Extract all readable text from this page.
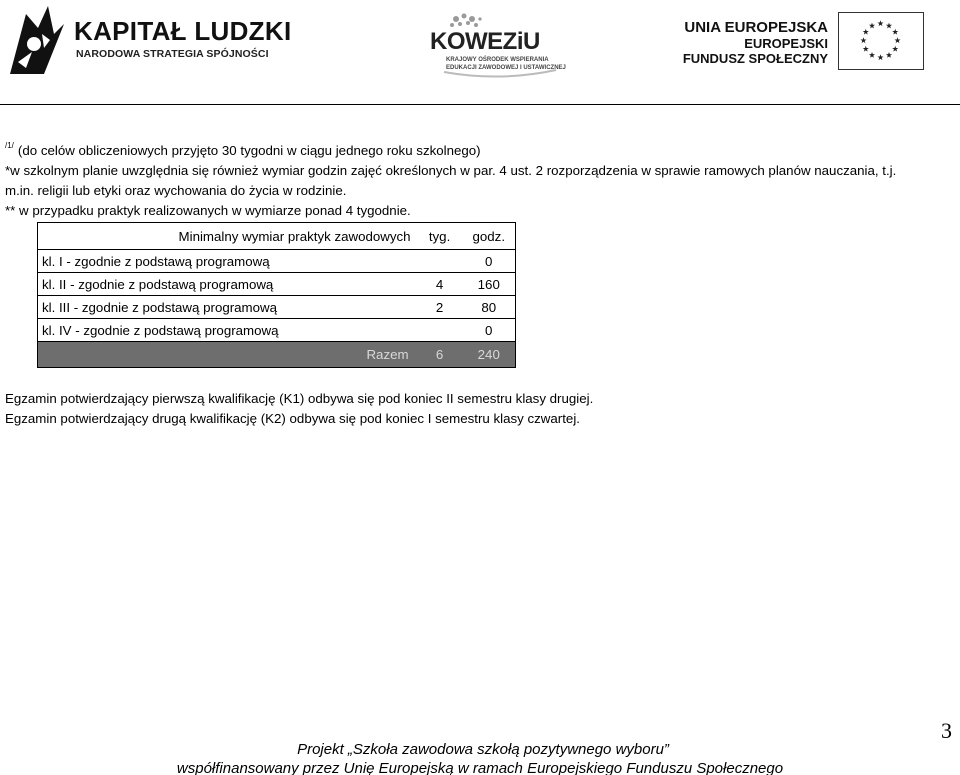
KAPITAŁ LUDZKI
NARODOWA STRATEGIA SPÓJNOŚCI	KOWEZiU
KRAJOWY OŚRODEK WSPIERANIA
EDUKACJI ZAWODOWEJ I USTAWICZNEJ
UNIA EUROPEJSKA
EUROPEJSKI
FUNDUSZ SPOŁECZNY
$^{/1/}$ (do celów obliczeniowych przyjęto 30 tygodni w ciągu jednego roku szkolnego)
*w szkolnym planie uwzględnia się również wymiar godzin zajęć określonych w par. 4 ust. 2 rozporządzenia w sprawie ramowych planów nauczania, t.j.
m.in. religii lub etyki oraz wychowania do życia w rodzinie.
** w przypadku praktyk realizowanych w wymiarze ponad 4 tygodnie.
Minimalny wymiar praktyk zawodowych	tyg.	godz.
kl. I - zgodnie z podstawą programową		0
kl. II - zgodnie z podstawą programową	4	160
kl. III - zgodnie z podstawą programową	2	80
kl. IV - zgodnie z podstawą programową		0
Razem	6	240
Egzamin potwierdzający pierwszą kwalifikację (K1) odbywa się pod koniec II semestru klasy drugiej.
Egzamin potwierdzający drugą kwalifikację (K2) odbywa się pod koniec I semestru klasy czwartej.
3
Projekt „Szkoła zawodowa szkołą pozytywnego wyboru”
współfinansowany przez Unię Europejską w ramach Europejskiego Funduszu Społecznego
